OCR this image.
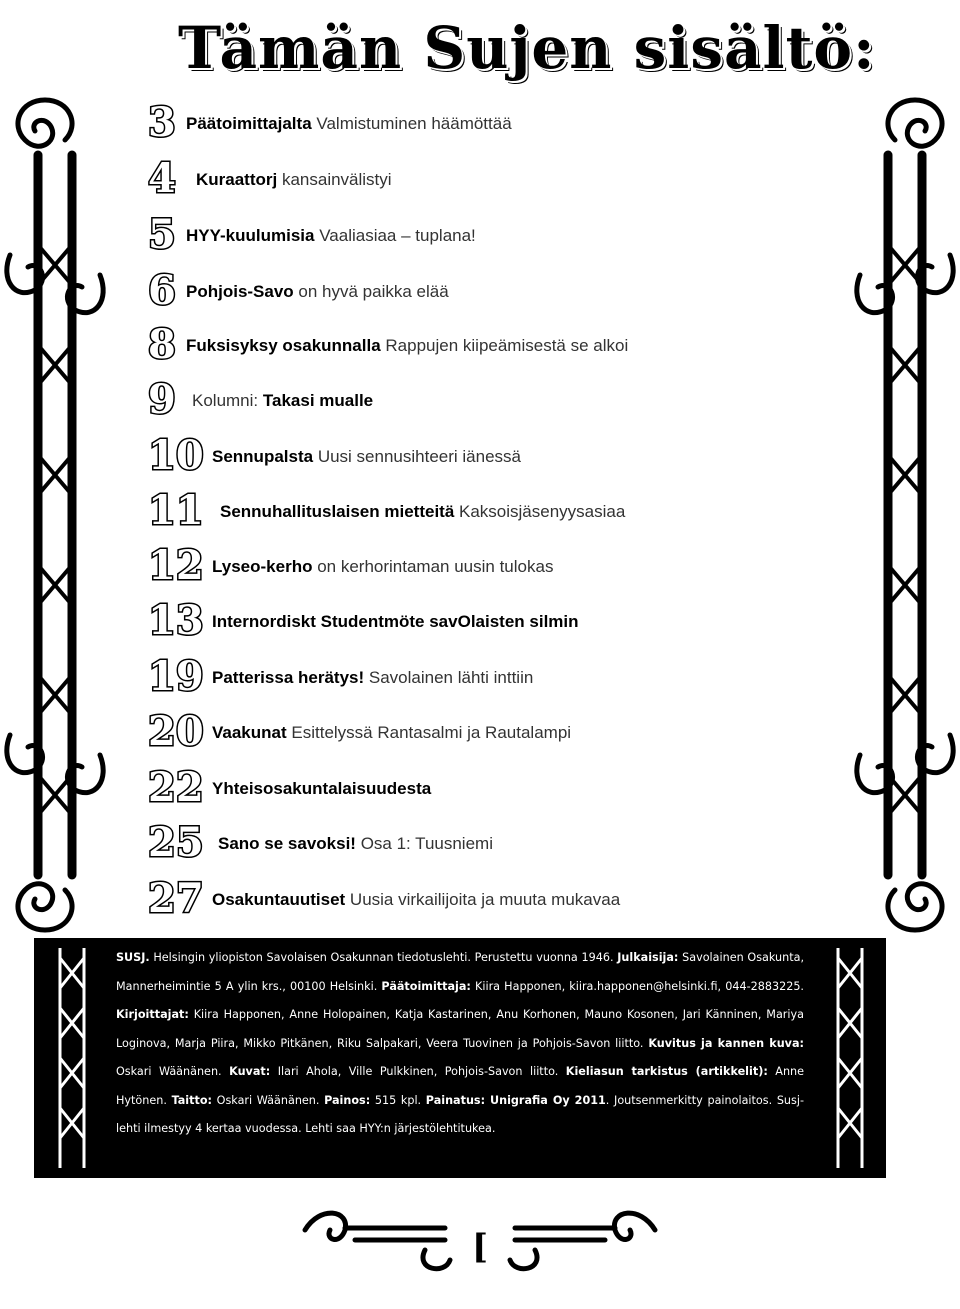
Tämän Sujen sisältö:
3 Päätoimittajalta Valmistuminen häämöttää
4 Kuraattorj kansainvälistyi
5 HYY-kuulumisia Vaaliasiaa – tuplana!
6 Pohjois-Savo on hyvä paikka elää
8 Fuksisyksy osakunnalla Rappujen kiipeämisestä se alkoi
9 Kolumni: Takasi mualle
10 Sennupalsta Uusi sennusihteeri iänessä
11 Sennuhallituslaisen mietteitä Kaksoisjäsenyysasiaa
12 Lyseo-kerho on kerhorintaman uusin tulokas
13 Internordiskt Studentmöte savOlaisten silmin
19 Patterissa herätys! Savolainen lähti inttiin
20 Vaakunat Esittelyssä Rantasalmi ja Rautalampi
22 Yhteisosakuntalaisuudesta
25 Sano se savoksi! Osa 1: Tuusniemi
27 Osakuntauutiset Uusia virkailijoita ja muuta mukavaa
SUSJ. Helsingin yliopiston Savolaisen Osakunnan tiedotuslehti. Perustettu vuonna 1946. Julkaisija: Savolainen Osakunta, Mannerheimintie 5 A ylin krs., 00100 Helsinki. Päätoimittaja: Kiira Happonen, kiira.happonen@helsinki.fi, 044-2883225. Kirjoittajat: Kiira Happonen, Anne Holopainen, Katja Kastarinen, Anu Korhonen, Mauno Kosonen, Jari Känninen, Mariya Loginova, Marja Piira, Mikko Pitkänen, Riku Salpakari, Veera Tuovinen ja Pohjois-Savon liitto. Kuvitus ja kannen kuva: Oskari Wäänänen. Kuvat: Ilari Ahola, Ville Pulkkinen, Pohjois-Savon liitto. Kieliasun tarkistus (artikkelit): Anne Hytönen. Taitto: Oskari Wäänänen. Painos: 515 kpl. Painatus: Unigrafia Oy 2011. Joutsenmerkitty painolaitos. Susj-lehti ilmestyy 4 kertaa vuodessa. Lehti saa HYY:n järjestölehtitukea.
[
